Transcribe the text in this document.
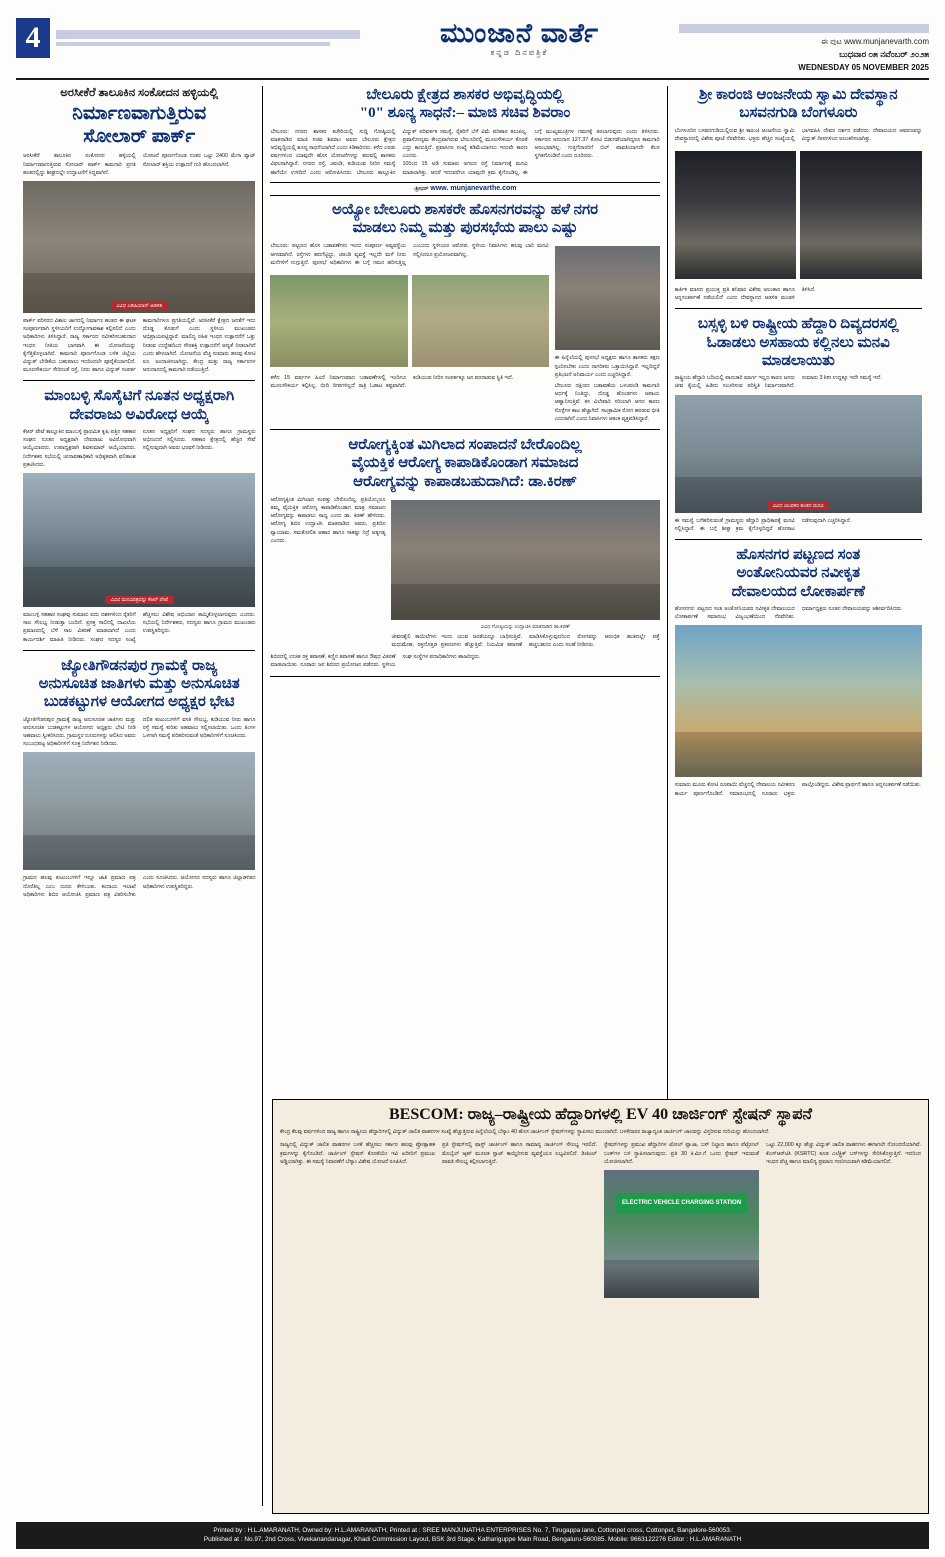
4	ಮುಂಜಾನೆ ವಾರ್ತೆ
ಕನ್ನಡ ದಿನಪತ್ರಿಕೆ
ಈ ಪುಟ www.munjanevarth.com
ಬುಧವಾರ ೦೫ ನವೆಂಬರ್ ೨೦೨೫
WEDNESDAY 05 NOVEMBER 2025
ಅರಸೀಕೆರೆ ತಾಲೂಕಿನ ಸಂಕೋದನ ಹಳ್ಳಿಯಲ್ಲಿ
ನಿರ್ಮಾಣವಾಗುತ್ತಿರುವ
ಸೋಲಾರ್ ಪಾರ್ಕ್
ಅರಸೀಕೆರೆ ತಾಲೂಕಿನ ಸಂಕೋದನ ಹಳ್ಳಿಯಲ್ಲಿ ನಿರ್ಮಾಣವಾಗುತ್ತಿರುವ ಸೋಲಾರ್ ಪಾರ್ಕ್ ಕಾಮಗಾರಿ ಪ್ರಗತಿ ಹಂತದಲ್ಲಿದ್ದು ಶೀಘ್ರದಲ್ಲೇ ಉದ್ಘಾಟನೆಗೆ ಸಿದ್ಧವಾಗಿದೆ.
ಯೋಜನೆ ಪೂರ್ಣಗೊಂಡ ನಂತರ ಒಟ್ಟು 2400 ಮೆಗಾ ವ್ಯಾಟ್ ಸೋಲಾರ್ ಶಕ್ತಿಯ ಉತ್ಪಾದನೆ ಗುರಿ ಹೊಂದಲಾಗಿದೆ.
ವಿವಿಧ ಎಡಿಷಿಯಾನ್ ಆಡಳಿತ
ಪಾರ್ಕ್ ಪರಿಸರದ ವಿಶಾಲ ಜಾಗದಲ್ಲಿ ನಿರ್ಮಾಣ ಹಂತದ ಈ ಘಟಕ ಸಂಪೂರ್ಣವಾಗಿ ಸ್ಥಳೀಯರಿಗೆ ಉದ್ಯೋಗಾವಕಾಶ ಕಲ್ಪಿಸಲಿದೆ ಎಂದು ಅಧಿಕಾರಿಗಳು ತಿಳಿಸಿದ್ದಾರೆ. ರಾಜ್ಯ ಸರ್ಕಾರದ ನವೀಕರಿಸಬಹುದಾದ ಇಂಧನ ನೀತಿಯ ಭಾಗವಾಗಿ ಈ ಯೋಜನೆಯನ್ನು ಕೈಗೆತ್ತಿಕೊಳ್ಳಲಾಗಿದೆ. ಕಾಮಗಾರಿ ಪೂರ್ಣಗೊಂಡ ಬಳಿಕ ಜಿಲ್ಲೆಯ ವಿದ್ಯುತ್ ಬೇಡಿಕೆಯ ಬಹುಪಾಲು ಇದರಿಂದಲೇ ಪೂರೈಕೆಯಾಗಲಿದೆ. ಮೂಲಸೌಕರ್ಯ ಸೇರಿದಂತೆ ರಸ್ತೆ, ನೀರು ಹಾಗೂ ವಿದ್ಯುತ್ ಸಂಪರ್ಕ ಕಾಮಗಾರಿಗಳೂ ಪ್ರಗತಿಯಲ್ಲಿವೆ. ಅರಸೀಕೆರೆ ಕ್ಷೇತ್ರದ ಜನತೆಗೆ ಇದು ದೊಡ್ಡ ಕೊಡುಗೆ ಎಂದು ಸ್ಥಳೀಯ ಮುಖಂಡರು ಅಭಿಪ್ರಾಯಪಟ್ಟಿದ್ದಾರೆ. ಮಾಲಿನ್ಯ ರಹಿತ ಇಂಧನ ಉತ್ಪಾದನೆಗೆ ಒತ್ತು ನೀಡುವ ಉದ್ದೇಶದಿಂದ ಸೌರಶಕ್ತಿ ಉತ್ಪಾದನೆಗೆ ಆದ್ಯತೆ ನೀಡಲಾಗಿದೆ ಎಂದು ಹೇಳಲಾಗಿದೆ. ಯೋಜನೆಯ ವೆಚ್ಚ ಸುಮಾರು ಹಲವು ಕೋಟಿ ರೂ. ಅಂದಾಜಿಸಲಾಗಿದ್ದು, ಕೇಂದ್ರ ಮತ್ತು ರಾಜ್ಯ ಸರ್ಕಾರಗಳ ಅನುದಾನದಲ್ಲಿ ಕಾಮಗಾರಿ ನಡೆಯುತ್ತಿದೆ.
ಮಾಂಬಳ್ಳಿ ಸೊಸೈಟಿಗೆ ನೂತನ ಅಧ್ಯಕ್ಷರಾಗಿ
ದೇವರಾಜು ಅವಿರೋಧ ಆಯ್ಕೆ
ಕೆಆರ್ ಪೇಟೆ ತಾಲ್ಲೂಕಿನ ಮಾಂಬಳ್ಳಿ ಪ್ರಾಥಮಿಕ ಕೃಷಿ ಪತ್ತಿನ ಸಹಕಾರ ಸಂಘದ ನೂತನ ಅಧ್ಯಕ್ಷರಾಗಿ ದೇವರಾಜು ಅವಿರೋಧವಾಗಿ ಆಯ್ಕೆಯಾದರು. ಉಪಾಧ್ಯಕ್ಷರಾಗಿ ಶಿವಕುಮಾರ್ ಆಯ್ಕೆಯಾದರು. ನಿರ್ದೇಶಕರ ಸಭೆಯಲ್ಲಿ ಚುನಾವಣಾಧಿಕಾರಿ ಅಧಿಕೃತವಾಗಿ ಫಲಿತಾಂಶ ಪ್ರಕಟಿಸಿದರು.
ನೂತನ ಅಧ್ಯಕ್ಷರಿಗೆ ಸಂಘದ ಸದಸ್ಯರು ಹಾಗೂ ಗ್ರಾಮಸ್ಥರು ಅಭಿನಂದನೆ ಸಲ್ಲಿಸಿದರು. ಸಹಕಾರ ಕ್ಷೇತ್ರದಲ್ಲಿ ಹೆಚ್ಚಿನ ಸೇವೆ ಸಲ್ಲಿಸುವುದಾಗಿ ಅವರು ಭರವಸೆ ನೀಡಿದರು.
ವಿವಿಧ ಮನವಿಪತ್ರವನ್ನು ಕೆಆರ್ ಪೇಟೆ
ಮಾಂಬಳ್ಳಿ ಸಹಕಾರ ಸಂಘವು ಸುಮಾರು ಐದು ದಶಕಗಳಿಂದ ರೈತರಿಗೆ ಸಾಲ ಸೌಲಭ್ಯ ನೀಡುತ್ತಾ ಬಂದಿದೆ. ಪ್ರಸಕ್ತ ಸಾಲಿನಲ್ಲಿ ದಾಖಲೆಯ ಪ್ರಮಾಣದಲ್ಲಿ ಬೆಳೆ ಸಾಲ ವಿತರಣೆ ಮಾಡಲಾಗಿದೆ ಎಂದು ಕಾರ್ಯದರ್ಶಿ ಮಾಹಿತಿ ನೀಡಿದರು. ಸಂಘದ ಸದಸ್ಯರ ಸಂಖ್ಯೆ ಹೆಚ್ಚಿಸಲು ವಿಶೇಷ ಅಭಿಯಾನ ಹಮ್ಮಿಕೊಳ್ಳಲಾಗುವುದು ಎಂದರು. ಸಭೆಯಲ್ಲಿ ನಿರ್ದೇಶಕರು, ಸದಸ್ಯರು ಹಾಗೂ ಗ್ರಾಮದ ಮುಖಂಡರು ಉಪಸ್ಥಿತರಿದ್ದರು.
ಜ್ಯೋತಿಗೌಡನಪುರ ಗ್ರಾಮಕ್ಕೆ ರಾಜ್ಯ
ಅನುಸೂಚಿತ ಜಾತಿಗಳು ಮತ್ತು ಅನುಸೂಚಿತ
ಬುಡಕಟ್ಟುಗಳ ಆಯೋಗದ ಅಧ್ಯಕ್ಷರ ಭೇಟಿ
ಜ್ಯೋತಿಗೌಡನಪುರ ಗ್ರಾಮಕ್ಕೆ ರಾಜ್ಯ ಅನುಸೂಚಿತ ಜಾತಿಗಳು ಮತ್ತು ಅನುಸೂಚಿತ ಬುಡಕಟ್ಟುಗಳ ಆಯೋಗದ ಅಧ್ಯಕ್ಷರು ಭೇಟಿ ನೀಡಿ ಅಹವಾಲು ಸ್ವೀಕರಿಸಿದರು. ಗ್ರಾಮಸ್ಥರ ದೂರುಗಳನ್ನು ಆಲಿಸಿದ ಅವರು ಸಂಬಂಧಪಟ್ಟ ಅಧಿಕಾರಿಗಳಿಗೆ ಸೂಕ್ತ ನಿರ್ದೇಶನ ನೀಡಿದರು.
ದಲಿತ ಕುಟುಂಬಗಳಿಗೆ ವಸತಿ ಸೌಲಭ್ಯ, ಕುಡಿಯುವ ನೀರು ಹಾಗೂ ರಸ್ತೆ ಸಮಸ್ಯೆ ಕುರಿತು ಅಹವಾಲು ಸಲ್ಲಿಸಲಾಯಿತು. ಒಂದು ತಿಂಗಳ ಒಳಗಾಗಿ ಸಮಸ್ಯೆ ಪರಿಹರಿಸುವಂತೆ ಅಧಿಕಾರಿಗಳಿಗೆ ಸೂಚಿಸಿದರು.
ಗ್ರಾಮದ ಹಲವು ಕುಟುಂಬಗಳಿಗೆ ಇನ್ನೂ ಜಾತಿ ಪ್ರಮಾಣ ಪತ್ರ ದೊರೆತಿಲ್ಲ ಎಂಬ ದೂರು ಕೇಳಿಬಂತು. ಕಂದಾಯ ಇಲಾಖೆ ಅಧಿಕಾರಿಗಳು ಶಿಬಿರ ಆಯೋಜಿಸಿ ಪ್ರಮಾಣ ಪತ್ರ ವಿತರಿಸಬೇಕು ಎಂದು ಸೂಚಿಸಿದರು. ಆಯೋಗದ ಸದಸ್ಯರು ಹಾಗೂ ಜಿಲ್ಲಾಡಳಿತದ ಅಧಿಕಾರಿಗಳು ಉಪಸ್ಥಿತರಿದ್ದರು.
ಬೇಲೂರು ಕ್ಷೇತ್ರದ ಶಾಸಕರ ಅಭಿವೃದ್ಧಿಯಲ್ಲಿ
"0" ಶೂನ್ಯ ಸಾಧನೆ:– ಮಾಜಿ ಸಚಿವ ಶಿವರಾಂ
ಬೇಲೂರು: ನಗರದ ಶಾಸಕರ ಕಚೇರಿಯಲ್ಲಿ ಸುದ್ದಿ ಗೋಷ್ಠಿಯಲ್ಲಿ ಮಾತನಾಡಿದ ಮಾಜಿ ಸಚಿವ ಶಿವರಾಂ ಅವರು ಬೇಲೂರು ಕ್ಷೇತ್ರದ ಅಭಿವೃದ್ಧಿಯಲ್ಲಿ ಶೂನ್ಯ ಸಾಧನೆಯಾಗಿದೆ ಎಂದು ಕಿಡಿಕಾರಿದರು. ಕಳೆದ ಎರಡು ವರ್ಷಗಳಿಂದ ಯಾವುದೇ ಹೊಸ ಯೋಜನೆಗಳನ್ನು ತರುವಲ್ಲಿ ಶಾಸಕರು ವಿಫಲರಾಗಿದ್ದಾರೆ. ನಗರದ ರಸ್ತೆ, ಚರಂಡಿ, ಕುಡಿಯುವ ನೀರಿನ ಸಮಸ್ಯೆ ಹಾಗೆಯೇ ಉಳಿದಿದೆ ಎಂದು ಆರೋಪಿಸಿದರು. ಬೇಲೂರು ತಾಲ್ಲೂಕಿನ ವಿದ್ಯುತ್ ಪರಿವರ್ತಕ ಸಮಸ್ಯೆ, ರೈತರಿಗೆ ಬೆಳೆ ವಿಮೆ ಪರಿಹಾರ ತಲುಪಿಲ್ಲ. ಪ್ರವಾಸೋದ್ಯಮ ಕೇಂದ್ರವಾಗಿರುವ ಬೇಲೂರಿನಲ್ಲಿ ಮೂಲಸೌಕರ್ಯ ಕೊರತೆ ಎದ್ದು ಕಾಣುತ್ತಿದೆ. ಪ್ರವಾಸಿಗರ ಸಂಖ್ಯೆ ಕಡಿಮೆಯಾಗಲು ಇದುವೇ ಕಾರಣ ಎಂದರು.
10ರಿಂದ 15 ಅಡಿ ಸುಮಾರು ಅಗಲದ ರಸ್ತೆ ನಿರ್ಮಾಣಕ್ಕೆ ಮನವಿ ಮಾಡಲಾಗಿತ್ತು. ಆದರೆ ಇದುವರೆಗೂ ಯಾವುದೇ ಕ್ರಮ ಕೈಗೊಂಡಿಲ್ಲ. ಈ ಬಗ್ಗೆ ಮುಖ್ಯಮಂತ್ರಿಗಳ ಗಮನಕ್ಕೆ ತರಲಾಗುವುದು ಎಂದು ತಿಳಿಸಿದರು. ಸರ್ಕಾರದ ಅನುದಾನ 127.37 ಕೋಟಿ ಬಿಡುಗಡೆಯಾಗಿದ್ದರೂ ಕಾಮಗಾರಿ ಆರಂಭವಾಗಿಲ್ಲ. ಗುತ್ತಿಗೆದಾರರಿಗೆ ಬಿಲ್ ಪಾವತಿಯಾಗದೇ ಕೆಲಸ ಸ್ಥಗಿತಗೊಂಡಿದೆ ಎಂದು ದೂರಿದರು.
-ಶ್ರೀಧರ್ www. munjanevarthe.com
ಅಯ್ಯೋ ಬೇಲೂರು ಶಾಸಕರೇ ಹೊಸನಗರವನ್ನು ಹಳೆ ನಗರ
ಮಾಡಲು ನಿಮ್ಮ ಮತ್ತು ಪುರಸಭೆಯ ಪಾಲು ಎಷ್ಟು
ಬೇಲೂರು: ಪಟ್ಟಣದ ಹೊಸ ಬಡಾವಣೆಗಳು ಇಂದು ಸಂಪೂರ್ಣ ಅವ್ಯವಸ್ಥೆಯ ಆಗರವಾಗಿದೆ. ರಸ್ತೆಗಳು ಹದಗೆಟ್ಟಿದ್ದು, ಚರಂಡಿ ವ್ಯವಸ್ಥೆ ಇಲ್ಲದೇ ಮಳೆ ನೀರು ಮನೆಗಳಿಗೆ ನುಗ್ಗುತ್ತಿದೆ. ಪುರಸಭೆ ಅಧಿಕಾರಿಗಳು ಈ ಬಗ್ಗೆ ಗಮನ ಹರಿಸುತ್ತಿಲ್ಲ ಎಂಬುದು ಸ್ಥಳೀಯರ ಆರೋಪ. ಸ್ಥಳೀಯ ನಿವಾಸಿಗಳು ಹಲವು ಬಾರಿ ಮನವಿ ಸಲ್ಲಿಸಿದರೂ ಪ್ರಯೋಜನವಾಗಿಲ್ಲ.
ಕಳೆದ 15 ವರ್ಷಗಳ ಹಿಂದೆ ನಿರ್ಮಾಣವಾದ ಬಡಾವಣೆಗಳಲ್ಲಿ ಇಂದಿಗೂ ಮೂಲಸೌಕರ್ಯ ಕಲ್ಪಿಸಿಲ್ಲ. ಬೀದಿ ದೀಪಗಳಿಲ್ಲದೆ ರಾತ್ರಿ ಓಡಾಟ ಕಷ್ಟವಾಗಿದೆ. ಕುಡಿಯುವ ನೀರಿನ ಸಂಪರ್ಕಕ್ಕೂ ಜನ ಪರದಾಡುವ ಸ್ಥಿತಿ ಇದೆ.
ಈ ಹಿನ್ನೆಲೆಯಲ್ಲಿ ಪುರಸಭೆ ಅಧ್ಯಕ್ಷರು ಹಾಗೂ ಶಾಸಕರು ತಕ್ಷಣ ಸ್ಪಂದಿಸಬೇಕು ಎಂದು ನಾಗರಿಕರು ಒತ್ತಾಯಿಸಿದ್ದಾರೆ. ಇಲ್ಲದಿದ್ದರೆ ಪ್ರತಿಭಟನೆ ಅನಿವಾರ್ಯ ಎಂದು ಎಚ್ಚರಿಸಿದ್ದಾರೆ.
ಬೇಲೂರು ದಕ್ಷಿಣದ ಬಡಾವಣೆಯ ಒಳಚರಂಡಿ ಕಾಮಗಾರಿ ಅರ್ಧಕ್ಕೆ ನಿಂತಿದ್ದು, ದೊಡ್ಡ ಹೊಂಡಗಳು ಅಪಾಯ ಆಹ್ವಾನಿಸುತ್ತಿವೆ. ಕಸ ವಿಲೇವಾರಿ ಸರಿಯಾಗಿ ಆಗದ ಕಾರಣ ಸೊಳ್ಳೆಗಳ ಕಾಟ ಹೆಚ್ಚಾಗಿದೆ. ಸಾಂಕ್ರಾಮಿಕ ರೋಗ ಹರಡುವ ಭೀತಿ ಎದುರಾಗಿದೆ ಎಂದು ನಿವಾಸಿಗಳು ಆತಂಕ ವ್ಯಕ್ತಪಡಿಸಿದ್ದಾರೆ.
ಆರೋಗ್ಯಕ್ಕಿಂತ ಮಿಗಿಲಾದ ಸಂಪಾದನೆ ಬೇರೊಂದಿಲ್ಲ
ವೈಯಕ್ತಿಕ ಆರೋಗ್ಯ ಕಾಪಾಡಿಕೊಂಡಾಗ ಸಮಾಜದ
ಆರೋಗ್ಯವನ್ನು ಕಾಪಾಡಬಹುದಾಗಿದೆ: ಡಾ.ಕಿರಣ್
ಆರೋಗ್ಯಕ್ಕಿಂತ ಮಿಗಿಲಾದ ಸಂಪತ್ತು ಬೇರೊಂದಿಲ್ಲ. ಪ್ರತಿಯೊಬ್ಬರೂ ತಮ್ಮ ವೈಯಕ್ತಿಕ ಆರೋಗ್ಯ ಕಾಪಾಡಿಕೊಂಡಾಗ ಮಾತ್ರ ಸಮಾಜದ ಆರೋಗ್ಯವನ್ನು ಕಾಪಾಡಲು ಸಾಧ್ಯ ಎಂದು ಡಾ. ಕಿರಣ್ ಹೇಳಿದರು. ಆರೋಗ್ಯ ಶಿಬಿರ ಉದ್ಘಾಟಿಸಿ ಮಾತನಾಡಿದ ಅವರು, ಪ್ರತಿದಿನ ವ್ಯಾಯಾಮ, ಸಮತೋಲಿತ ಆಹಾರ ಹಾಗೂ ಸಾಕಷ್ಟು ನಿದ್ರೆ ಅತ್ಯಗತ್ಯ ಎಂದರು.
ವಿವಿಧ ಗೋಷ್ಠಿಯನ್ನು ಉದ್ಘಾಟಿಸಿ ಮಾತನಾಡಿದ ಡಾ.ಕಿರಣ್
ಜೀವನಶೈಲಿ ಕಾಯಿಲೆಗಳು ಇಂದು ಯುವ ಜನತೆಯನ್ನೂ ಬಾಧಿಸುತ್ತಿವೆ. ಮಧುಮೇಹ, ರಕ್ತದೊತ್ತಡ ಪ್ರಕರಣಗಳು ಹೆಚ್ಚುತ್ತಿವೆ. ನಿಯಮಿತ ತಪಾಸಣೆ ಮಾಡಿಸಿಕೊಳ್ಳುವುದರಿಂದ ರೋಗವನ್ನು ಆರಂಭಿಕ ಹಂತದಲ್ಲೇ ಪತ್ತೆ ಹಚ್ಚಬಹುದು ಎಂದು ಸಲಹೆ ನೀಡಿದರು.
ಶಿಬಿರದಲ್ಲಿ ಉಚಿತ ರಕ್ತ ತಪಾಸಣೆ, ಕಣ್ಣಿನ ತಪಾಸಣೆ ಹಾಗೂ ಔಷಧ ವಿತರಣೆ ಮಾಡಲಾಯಿತು. ನೂರಾರು ಜನ ಶಿಬಿರದ ಪ್ರಯೋಜನ ಪಡೆದರು. ಸ್ಥಳೀಯ ಸಂಘ ಸಂಸ್ಥೆಗಳ ಪದಾಧಿಕಾರಿಗಳು ಹಾಜರಿದ್ದರು.
ಶ್ರೀ ಕಾರಂಜಿ ಆಂಜನೇಯ ಸ್ವಾಮಿ ದೇವಸ್ಥಾನ ಬಸವನಗುಡಿ ಬೆಂಗಳೂರು
ಬೆಂಗಳೂರಿನ ಬಸವನಗುಡಿಯಲ್ಲಿರುವ ಶ್ರೀ ಕಾರಂಜಿ ಆಂಜನೇಯ ಸ್ವಾಮಿ ದೇವಸ್ಥಾನದಲ್ಲಿ ವಿಶೇಷ ಪೂಜೆ ನೆರವೇರಿತು. ಭಕ್ತರು ಹೆಚ್ಚಿನ ಸಂಖ್ಯೆಯಲ್ಲಿ ಭಾಗವಹಿಸಿ ದೇವರ ದರ್ಶನ ಪಡೆದರು. ದೇವಾಲಯದ ಆವರಣವನ್ನು ವಿದ್ಯುತ್ ದೀಪಗಳಿಂದ ಅಲಂಕರಿಸಲಾಗಿತ್ತು.
ಕಾರ್ತಿಕ ಮಾಸದ ಪ್ರಯುಕ್ತ ಪ್ರತಿ ಶನಿವಾರ ವಿಶೇಷ ಅಲಂಕಾರ ಹಾಗೂ ಅನ್ನಸಂತರ್ಪಣೆ ನಡೆಯಲಿದೆ ಎಂದು ದೇವಸ್ಥಾನದ ಆಡಳಿತ ಮಂಡಳಿ ತಿಳಿಸಿದೆ.
ಬಸ್ಸಳ್ಳಿ ಬಳಿ ರಾಷ್ಟ್ರೀಯ ಹೆದ್ದಾರಿ ದಿವ್ಯದರಸಲ್ಲಿ
ಓಡಾಡಲು ಅಸಹಾಯ ಕಲ್ಲಿನಲು ಮನವಿ ಮಾಡಲಾಯಿತು
ರಾಷ್ಟ್ರೀಯ ಹೆದ್ದಾರಿ ಬದಿಯಲ್ಲಿ ಪಾದಚಾರಿ ಮಾರ್ಗ ಇಲ್ಲದ ಕಾರಣ ಜನರು ಜೀವ ಕೈಯಲ್ಲಿ ಹಿಡಿದು ಸಂಚರಿಸುವ ಪರಿಸ್ಥಿತಿ ನಿರ್ಮಾಣವಾಗಿದೆ. ಸುಮಾರು 3 km ಉದ್ದಕ್ಕೂ ಇದೇ ಸಮಸ್ಯೆ ಇದೆ.
ವಿವಿಧ ಯುವಕರ ತಂಡದ ಮನವಿ
ಈ ಸಮಸ್ಯೆ ಬಗೆಹರಿಸುವಂತೆ ಗ್ರಾಮಸ್ಥರು ಹೆದ್ದಾರಿ ಪ್ರಾಧಿಕಾರಕ್ಕೆ ಮನವಿ ಸಲ್ಲಿಸಿದ್ದಾರೆ. ಈ ಬಗ್ಗೆ ಶೀಘ್ರ ಕ್ರಮ ಕೈಗೊಳ್ಳದಿದ್ದರೆ ಹೋರಾಟ ನಡೆಸುವುದಾಗಿ ಎಚ್ಚರಿಸಿದ್ದಾರೆ.
ಹೊಸನಗರ ಪಟ್ಟಣದ ಸಂತ
ಅಂತೋನಿಯವರ ನವೀಕೃತ
ದೇವಾಲಯದ ಲೋಕಾರ್ಪಣೆ
ಹೊಸನಗರ: ಪಟ್ಟಣದ ಸಂತ ಅಂತೋನಿಯವರ ನವೀಕೃತ ದೇವಾಲಯದ ಲೋಕಾರ್ಪಣೆ ಸಮಾರಂಭ ವಿಜೃಂಭಣೆಯಿಂದ ನೆರವೇರಿತು. ಧರ್ಮಾಧ್ಯಕ್ಷರು ನೂತನ ದೇವಾಲಯವನ್ನು ಆಶೀರ್ವದಿಸಿದರು.
ಸುಮಾರು ಮೂರು ಕೋಟಿ ರೂಪಾಯಿ ವೆಚ್ಚದಲ್ಲಿ ದೇವಾಲಯ ನವೀಕರಣ ಕಾರ್ಯ ಪೂರ್ಣಗೊಂಡಿದೆ. ಸಮಾರಂಭದಲ್ಲಿ ನೂರಾರು ಭಕ್ತರು ಪಾಲ್ಗೊಂಡಿದ್ದರು. ವಿಶೇಷ ಪ್ರಾರ್ಥನೆ ಹಾಗೂ ಅನ್ನಸಂತರ್ಪಣೆ ನಡೆಯಿತು.
BESCOM: ರಾಜ್ಯ–ರಾಷ್ಟ್ರೀಯ ಹೆದ್ದಾರಿಗಳಲ್ಲಿ EV 40 ಚಾರ್ಜಿಂಗ್ ಸ್ಟೇಷನ್ ಸ್ಥಾಪನೆ
ಕೇಂದ್ರ ಕೆಲವು ವರ್ಷಗಳಿಂದ ರಾಜ್ಯ ಹಾಗೂ ರಾಷ್ಟ್ರೀಯ ಹೆದ್ದಾರಿಗಳಲ್ಲಿ ವಿದ್ಯುತ್ ಚಾಲಿತ ವಾಹನಗಳ ಸಂಖ್ಯೆ ಹೆಚ್ಚುತ್ತಿರುವ ಹಿನ್ನೆಲೆಯಲ್ಲಿ ಬೆಸ್ಕಾಂ 40 ಹೊಸ ಚಾರ್ಜಿಂಗ್ ಸ್ಟೇಷನ್‌ಗಳನ್ನು ಸ್ಥಾಪಿಸಲು ಮುಂದಾಗಿದೆ. ಬಳಕೆದಾರರ ರಾಜ್ಯಾದ್ಯಂತ ಚಾರ್ಜಿಂಗ್ ಜಾಲವನ್ನು ವಿಸ್ತರಿಸುವ ಗುರಿಯನ್ನು ಹೊಂದಲಾಗಿದೆ.
ರಾಜ್ಯದಲ್ಲಿ ವಿದ್ಯುತ್ ಚಾಲಿತ ವಾಹನಗಳ ಬಳಕೆ ಹೆಚ್ಚಿಸಲು ಸರ್ಕಾರ ಹಲವು ಪ್ರೋತ್ಸಾಹಕ ಕ್ರಮಗಳನ್ನು ಕೈಗೊಂಡಿದೆ. ಚಾರ್ಜಿಂಗ್ ಸ್ಟೇಷನ್ ಕೊರತೆಯೇ ಇವಿ ಖರೀದಿಗೆ ಪ್ರಮುಖ ಅಡ್ಡಿಯಾಗಿತ್ತು. ಈ ಸಮಸ್ಯೆ ನಿವಾರಣೆಗೆ ಬೆಸ್ಕಾಂ ವಿಶೇಷ ಯೋಜನೆ ರೂಪಿಸಿದೆ.
ಪ್ರತಿ ಸ್ಟೇಷನ್‌ನಲ್ಲಿ ಫಾಸ್ಟ್ ಚಾರ್ಜಿಂಗ್ ಹಾಗೂ ಸಾಮಾನ್ಯ ಚಾರ್ಜಿಂಗ್ ಸೌಲಭ್ಯ ಇರಲಿದೆ. ಮೊಬೈಲ್ ಆ್ಯಪ್ ಮೂಲಕ ಸ್ಲಾಟ್ ಕಾಯ್ದಿರಿಸುವ ವ್ಯವಸ್ಥೆಯೂ ಲಭ್ಯವಿರಲಿದೆ. ಡಿಜಿಟಲ್ ಪಾವತಿ ಸೌಲಭ್ಯ ಕಲ್ಪಿಸಲಾಗುತ್ತಿದೆ.
ಸ್ಟೇಷನ್‌ಗಳನ್ನು ಪ್ರಮುಖ ಹೆದ್ದಾರಿಗಳ ಟೋಲ್ ಪ್ಲಾಜಾ, ಬಸ್ ನಿಲ್ದಾಣ ಹಾಗೂ ಪೆಟ್ರೋಲ್ ಬಂಕ್‌ಗಳ ಬಳಿ ಸ್ಥಾಪಿಸಲಾಗುವುದು. ಪ್ರತಿ 30 ಕಿ.ಮೀ.ಗೆ ಒಂದು ಸ್ಟೇಷನ್ ಇರುವಂತೆ ಯೋಜಿಸಲಾಗಿದೆ.
ELECTRIC VEHICLE CHARGING STATION
ಒಟ್ಟು 22,000 ಕ್ಕೂ ಹೆಚ್ಚು ವಿದ್ಯುತ್ ಚಾಲಿತ ವಾಹನಗಳು ಈಗಾಗಲೇ ನೋಂದಣಿಯಾಗಿವೆ. ಕೆಎಸ್‌ಆರ್‌ಟಿಸಿ (KSRTC) ಕೂಡ ಎಲೆಕ್ಟ್ರಿಕ್ ಬಸ್‌ಗಳನ್ನು ಸೇರಿಸಿಕೊಳ್ಳುತ್ತಿದೆ. ಇದರಿಂದ ಇಂಧನ ವೆಚ್ಚ ಹಾಗೂ ಮಾಲಿನ್ಯ ಪ್ರಮಾಣ ಗಣನೀಯವಾಗಿ ಕಡಿಮೆಯಾಗಲಿದೆ.
Printed by : H.L.AMARANATH, Owned by: H.L.AMARANATH, Printed at : SREE MANJUNATHA ENTERPRISES No. 7, Tirugappa lane, Cottonpet cross, Cottonpet, Bangalore-560053.
Published at : No.97, 2nd Cross, Vivekanandanagar, Khadi Commission Layout, BSK 3rd Stage, Kathariguppe Main Road, Bengaluru-560085. Mobile: 9663122276 Editor : H.L.AMARANATH
